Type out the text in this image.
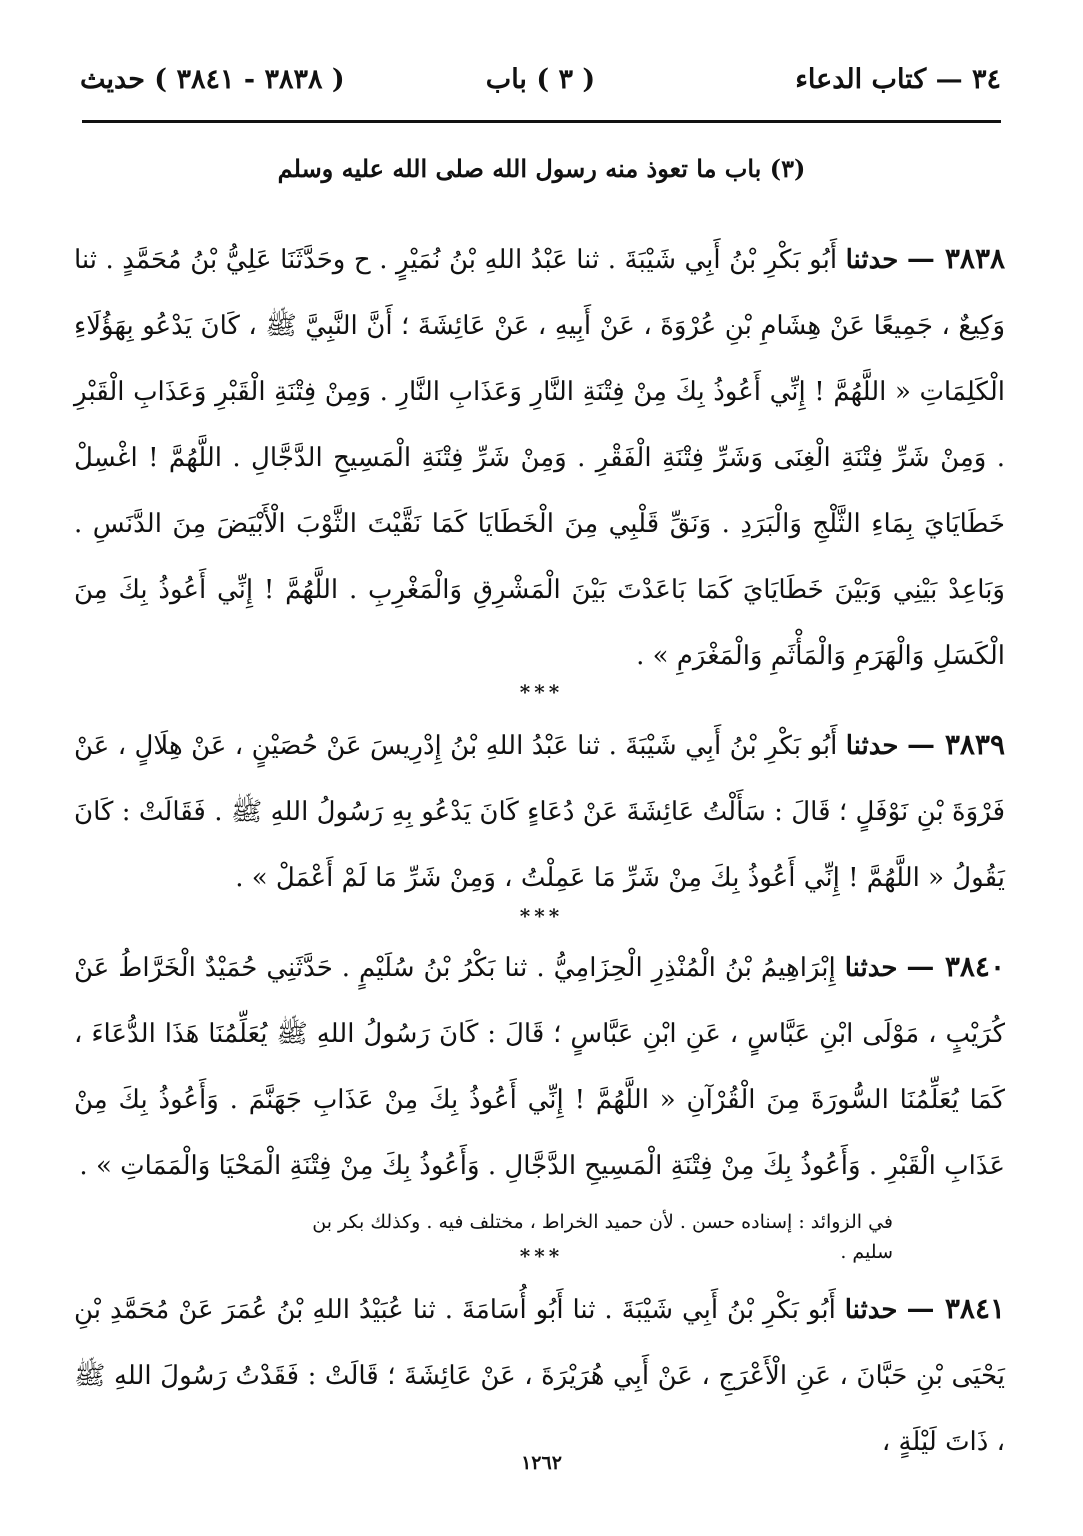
٣٤ — كتاب الدعاء
( ٣ ) باب
( ٣٨٣٨ - ٣٨٤١ ) حديث
(٣) باب ما تعوذ منه رسول الله صلى الله عليه وسلم
٣٨٣٨ — حدثنا أَبُو بَكْرِ بْنُ أَبِي شَيْبَةَ . ثنا عَبْدُ اللهِ بْنُ نُمَيْرٍ . ح وحَدَّثَنَا عَلِيُّ بْنُ مُحَمَّدٍ . ثنا وَكِيعٌ ، جَمِيعًا عَنْ هِشَامِ بْنِ عُرْوَةَ ، عَنْ أَبِيهِ ، عَنْ عَائِشَةَ ؛ أَنَّ النَّبِيَّ ﷺ ، كَانَ يَدْعُو بِهَؤُلَاءِ الْكَلِمَاتِ « اللَّهُمَّ ! إِنِّي أَعُوذُ بِكَ مِنْ فِتْنَةِ النَّارِ وَعَذَابِ النَّارِ . وَمِنْ فِتْنَةِ الْقَبْرِ وَعَذَابِ الْقَبْرِ . وَمِنْ شَرِّ فِتْنَةِ الْغِنَى وَشَرِّ فِتْنَةِ الْفَقْرِ . وَمِنْ شَرِّ فِتْنَةِ الْمَسِيحِ الدَّجَّالِ . اللَّهُمَّ ! اغْسِلْ خَطَايَايَ بِمَاءِ الثَّلْجِ وَالْبَرَدِ . وَنَقِّ قَلْبِي مِنَ الْخَطَايَا كَمَا نَقَّيْتَ الثَّوْبَ الْأَبْيَضَ مِنَ الدَّنَسِ . وَبَاعِدْ بَيْنِي وَبَيْنَ خَطَايَايَ كَمَا بَاعَدْتَ بَيْنَ الْمَشْرِقِ وَالْمَغْرِبِ . اللَّهُمَّ ! إِنِّي أَعُوذُ بِكَ مِنَ الْكَسَلِ وَالْهَرَمِ وَالْمَأْثَمِ وَالْمَغْرَمِ » .
***
٣٨٣٩ — حدثنا أَبُو بَكْرِ بْنُ أَبِي شَيْبَةَ . ثنا عَبْدُ اللهِ بْنُ إِدْرِيسَ عَنْ حُصَيْنٍ ، عَنْ هِلَالٍ ، عَنْ فَرْوَةَ بْنِ نَوْفَلٍ ؛ قَالَ : سَأَلْتُ عَائِشَةَ عَنْ دُعَاءٍ كَانَ يَدْعُو بِهِ رَسُولُ اللهِ ﷺ . فَقَالَتْ : كَانَ يَقُولُ « اللَّهُمَّ ! إِنِّي أَعُوذُ بِكَ مِنْ شَرِّ مَا عَمِلْتُ ، وَمِنْ شَرِّ مَا لَمْ أَعْمَلْ » .
***
٣٨٤٠ — حدثنا إِبْرَاهِيمُ بْنُ الْمُنْذِرِ الْحِزَامِيُّ . ثنا بَكْرُ بْنُ سُلَيْمٍ . حَدَّثَنِي حُمَيْدٌ الْخَرَّاطُ عَنْ كُرَيْبٍ ، مَوْلَى ابْنِ عَبَّاسٍ ، عَنِ ابْنِ عَبَّاسٍ ؛ قَالَ : كَانَ رَسُولُ اللهِ ﷺ يُعَلِّمُنَا هَذَا الدُّعَاءَ ، كَمَا يُعَلِّمُنَا السُّورَةَ مِنَ الْقُرْآنِ « اللَّهُمَّ ! إِنِّي أَعُوذُ بِكَ مِنْ عَذَابِ جَهَنَّمَ . وَأَعُوذُ بِكَ مِنْ عَذَابِ الْقَبْرِ . وَأَعُوذُ بِكَ مِنْ فِتْنَةِ الْمَسِيحِ الدَّجَّالِ . وَأَعُوذُ بِكَ مِنْ فِتْنَةِ الْمَحْيَا وَالْمَمَاتِ » .
في الزوائد : إسناده حسن . لأن حميد الخراط ، مختلف فيه . وكذلك بكر بن سليم .
***
٣٨٤١ — حدثنا أَبُو بَكْرِ بْنُ أَبِي شَيْبَةَ . ثنا أَبُو أُسَامَةَ . ثنا عُبَيْدُ اللهِ بْنُ عُمَرَ عَنْ مُحَمَّدِ بْنِ يَحْيَى بْنِ حَبَّانَ ، عَنِ الْأَعْرَجِ ، عَنْ أَبِي هُرَيْرَةَ ، عَنْ عَائِشَةَ ؛ قَالَتْ : فَقَدْتُ رَسُولَ اللهِ ﷺ ، ذَاتَ لَيْلَةٍ ،
١٢٦٢
